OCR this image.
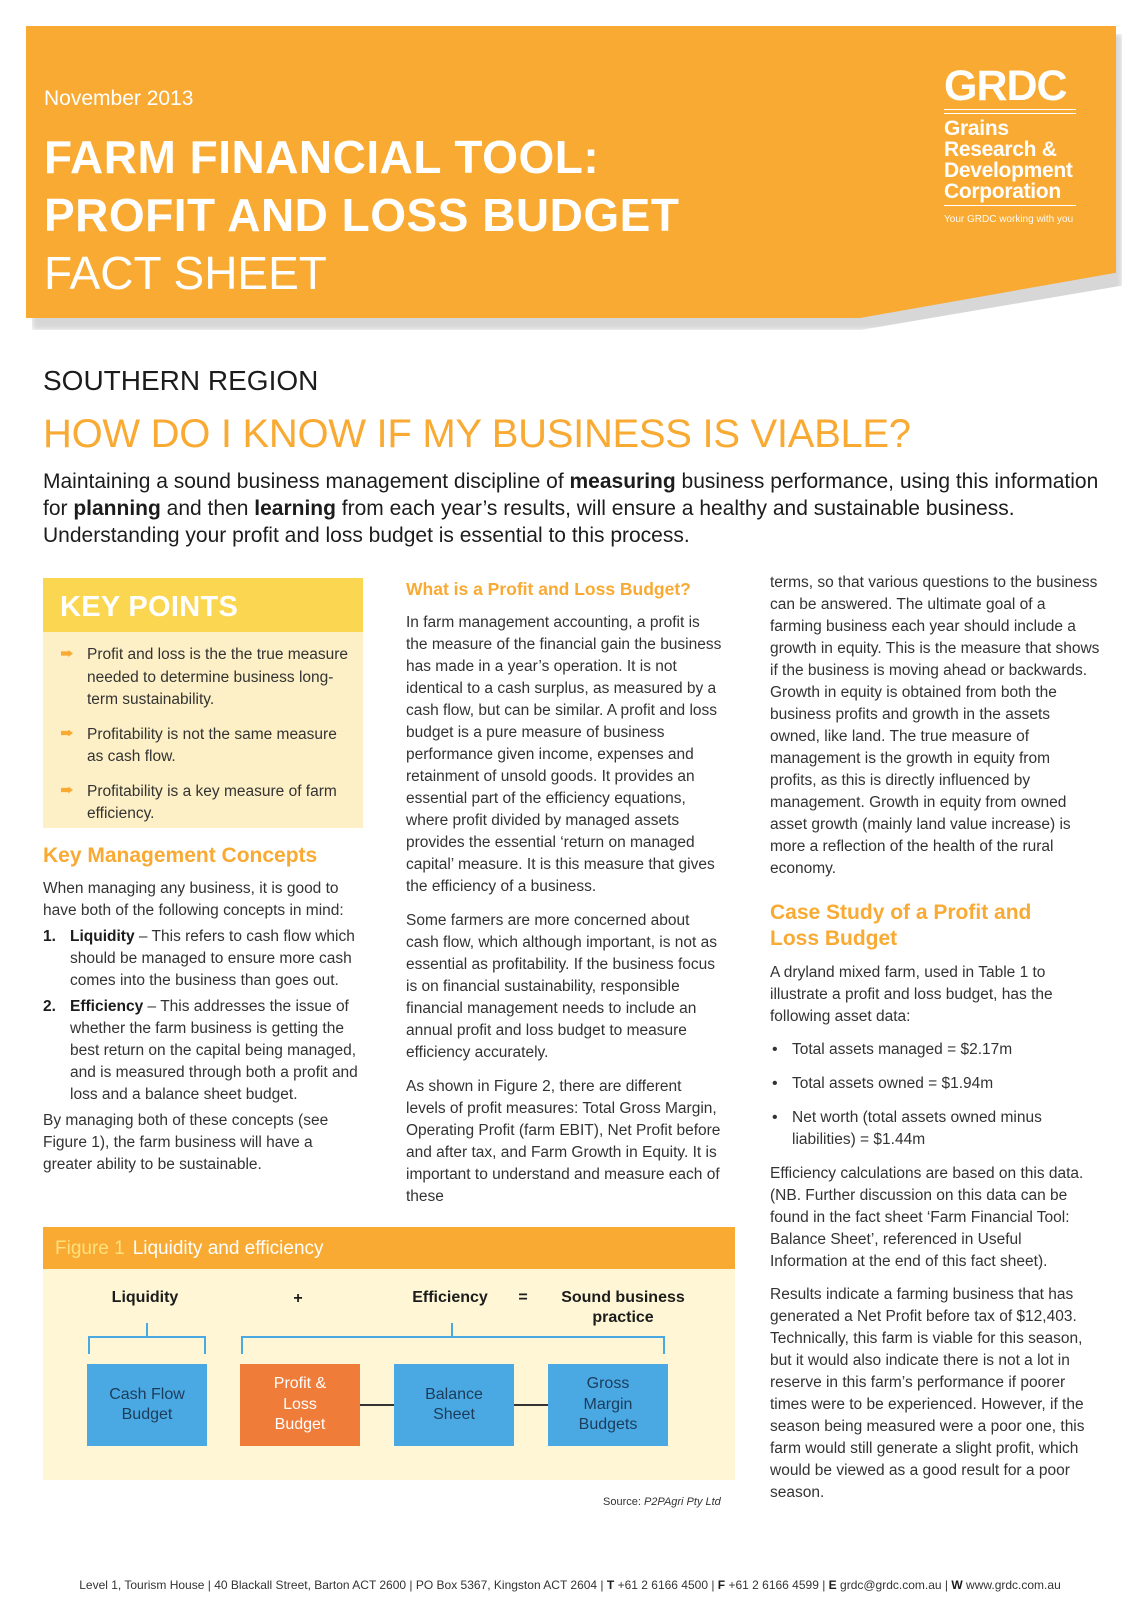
November 2013
FARM FINANCIAL TOOL:
PROFIT AND LOSS BUDGET
FACT SHEET
GRDC
Grains
Research &
Development
Corporation
Your GRDC working with you
SOUTHERN REGION
HOW DO I KNOW IF MY BUSINESS IS VIABLE?
Maintaining a sound business management discipline of measuring business performance, using this information for planning and then learning from each year’s results, will ensure a healthy and sustainable business. Understanding your profit and loss budget is essential to this process.
KEY POINTS
Profit and loss is the the true measure needed to determine business long-term sustainability.
Profitability is not the same measure as cash flow.
Profitability is a key measure of farm efficiency.
Key Management Concepts

When managing any business, it is good to have both of the following concepts in mind:

1. Liquidity – This refers to cash flow which should be managed to ensure more cash comes into the business than goes out.
2. Efficiency – This addresses the issue of whether the farm business is getting the best return on the capital being managed, and is measured through both a profit and loss and a balance sheet budget.

By managing both of these concepts (see Figure 1), the farm business will have a greater ability to be sustainable.

What is a Profit and Loss Budget?

In farm management accounting, a profit is the measure of the financial gain the business has made in a year’s operation. It is not identical to a cash surplus, as measured by a cash flow, but can be similar. A profit and loss budget is a pure measure of business performance given income, expenses and retainment of unsold goods. It provides an essential part of the efficiency equations, where profit divided by managed assets provides the essential ‘return on managed capital’ measure. It is this measure that gives the efficiency of a business.

Some farmers are more concerned about cash flow, which although important, is not as essential as profitability. If the business focus is on financial sustainability, responsible financial management needs to include an annual profit and loss budget to measure efficiency accurately.

As shown in Figure 2, there are different levels of profit measures: Total Gross Margin, Operating Profit (farm EBIT), Net Profit before and after tax, and Farm Growth in Equity. It is important to understand and measure each of these

terms, so that various questions to the business can be answered. The ultimate goal of a farming business each year should include a growth in equity. This is the measure that shows if the business is moving ahead or backwards. Growth in equity is obtained from both the business profits and growth in the assets owned, like land. The true measure of management is the growth in equity from profits, as this is directly influenced by management. Growth in equity from owned asset growth (mainly land value increase) is more a reflection of the health of the rural economy.

Case Study of a Profit and
Loss Budget

A dryland mixed farm, used in Table 1 to illustrate a profit and loss budget, has the following asset data:

• Total assets managed = $2.17m
• Total assets owned = $1.94m
• Net worth (total assets owned minus liabilities) = $1.44m

Efficiency calculations are based on this data. (NB. Further discussion on this data can be found in the fact sheet ‘Farm Financial Tool: Balance Sheet’, referenced in Useful Information at the end of this fact sheet).

Results indicate a farming business that has generated a Net Profit before tax of $12,403. Technically, this farm is viable for this season, but it would also indicate there is not a lot in reserve in this farm’s performance if poorer times were to be experienced. However, if the season being measured were a poor one, this farm would still generate a slight profit, which would be viewed as a good result for a poor season.

Figure 1 Liquidity and efficiency
Liquidity	+	Efficiency	=	Sound business
practice
Cash Flow
Budget
Profit &
Loss
Budget
Balance
Sheet
Gross
Margin
Budgets
Source: P2PAgri Pty Ltd
Level 1, Tourism House | 40 Blackall Street, Barton ACT 2600 | PO Box 5367, Kingston ACT 2604 | T +61 2 6166 4500 | F +61 2 6166 4599 | E grdc@grdc.com.au | W www.grdc.com.au
